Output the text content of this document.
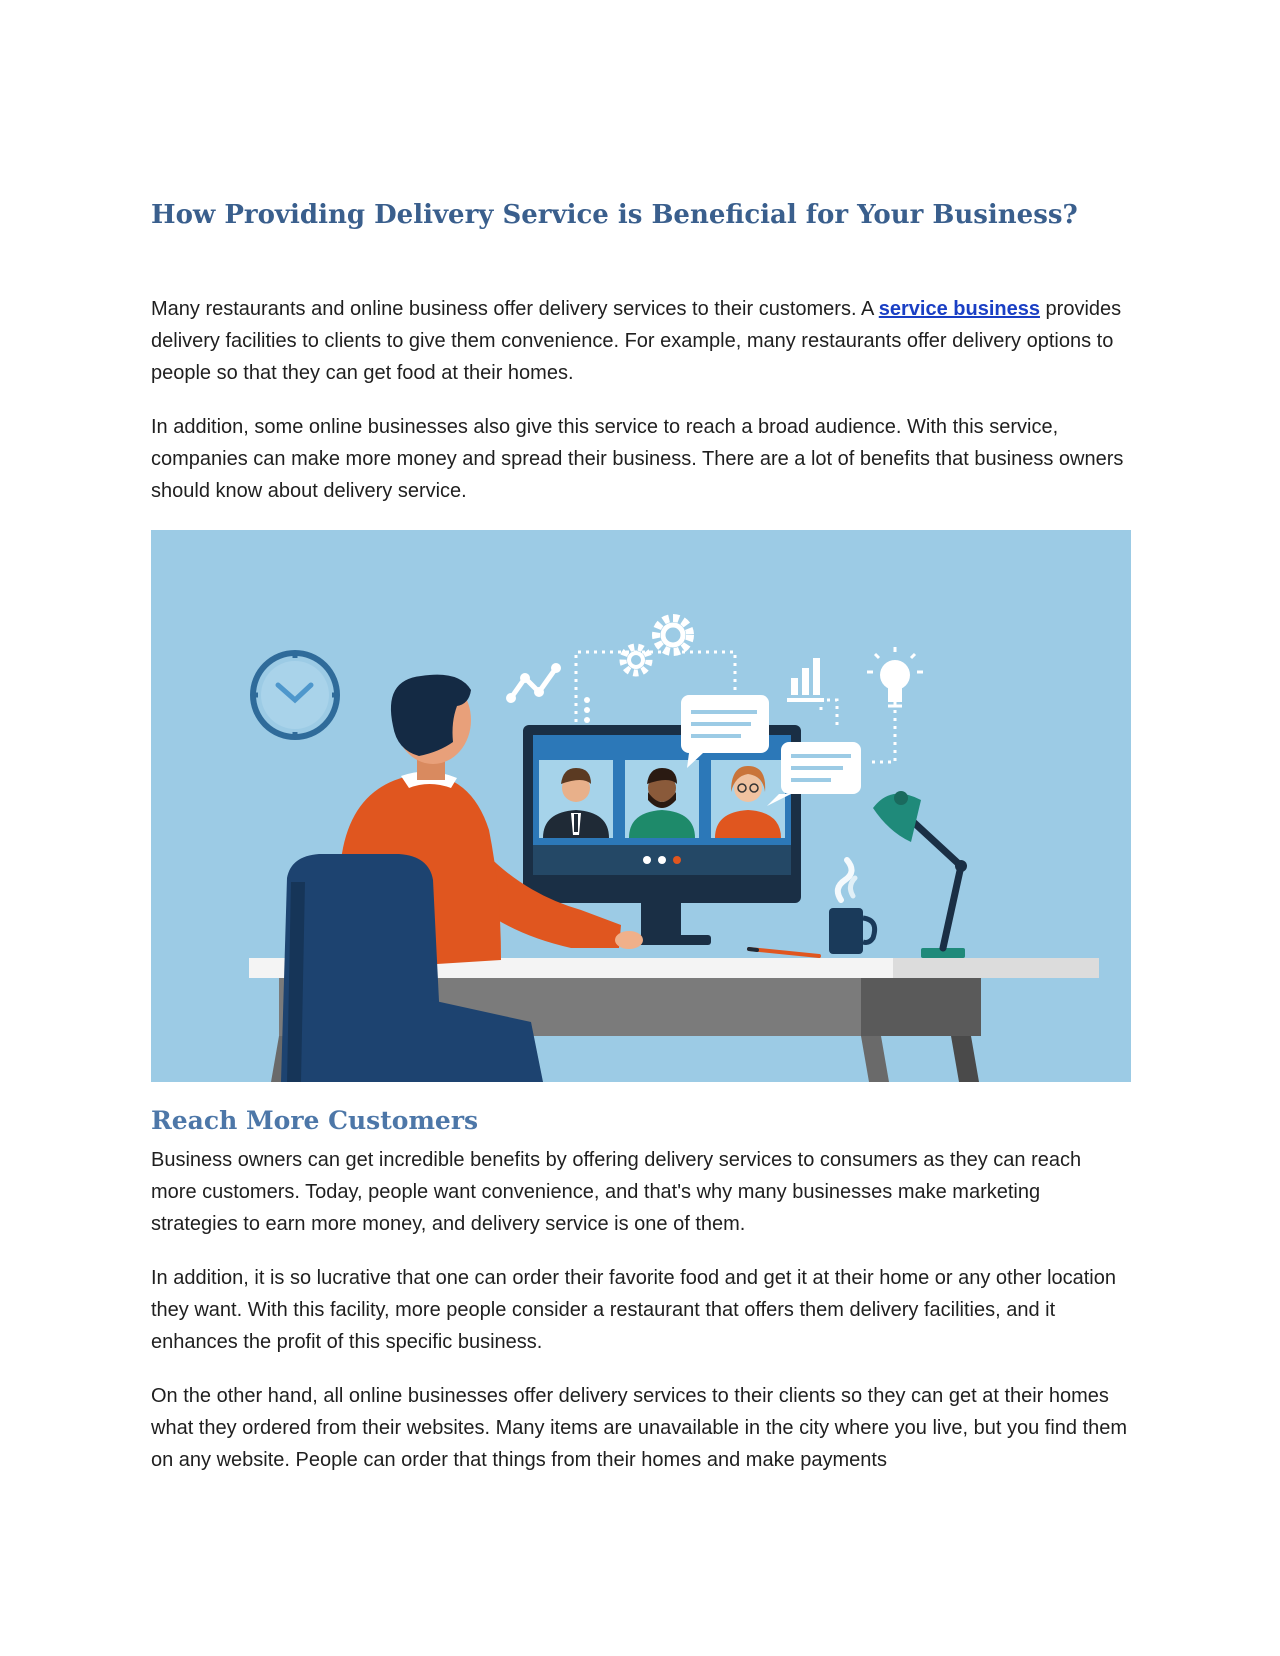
How Providing Delivery Service is Beneficial for Your Business?

Many restaurants and online business offer delivery services to their customers. A service business provides delivery facilities to clients to give them convenience. For example, many restaurants offer delivery options to people so that they can get food at their homes.

In addition, some online businesses also give this service to reach a broad audience. With this service, companies can make more money and spread their business. There are a lot of benefits that business owners should know about delivery service.

Reach More Customers

Business owners can get incredible benefits by offering delivery services to consumers as they can reach more customers. Today, people want convenience, and that's why many businesses make marketing strategies to earn more money, and delivery service is one of them.

In addition, it is so lucrative that one can order their favorite food and get it at their home or any other location they want. With this facility, more people consider a restaurant that offers them delivery facilities, and it enhances the profit of this specific business.

On the other hand, all online businesses offer delivery services to their clients so they can get at their homes what they ordered from their websites. Many items are unavailable in the city where you live, but you find them on any website. People can order that things from their homes and make payments
